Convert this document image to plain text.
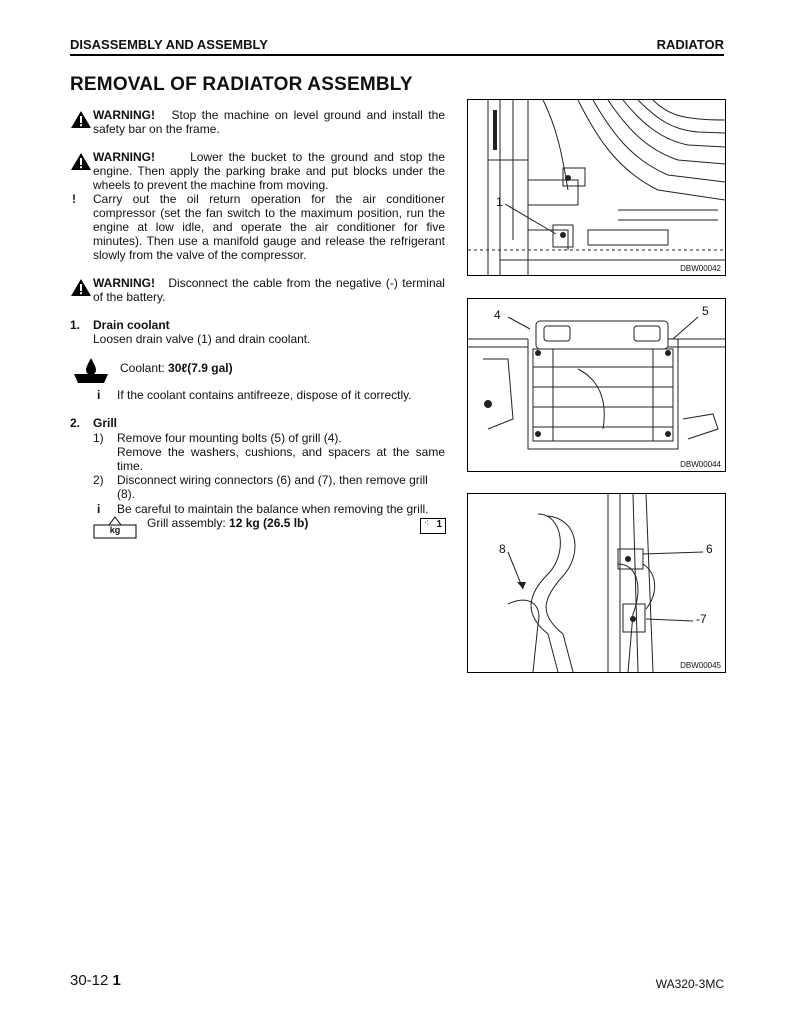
DISASSEMBLY AND ASSEMBLY	RADIATOR
REMOVAL OF RADIATOR ASSEMBLY
WARNING! Stop the machine on level ground and install the safety bar on the frame.
WARNING!	Lower the bucket to the ground and stop the engine. Then apply the parking brake and put blocks under the wheels to prevent the machine from moving.
!	Carry out the oil return operation for the air conditioner compressor (set the fan switch to the maximum position, run the engine at low idle, and operate the air conditioner for five minutes). Then use a manifold gauge and release the refrigerant slowly from the valve of the compressor.
WARNING! Disconnect the cable from the negative (-) terminal of the battery.
1. Drain coolant
Loosen drain valve (1) and drain coolant.
Coolant: 30ℓ(7.9 gal)
i If the coolant contains antifreeze, dispose of it correctly.
2. Grill
1) Remove four mounting bolts (5) of grill (4).
Remove the washers, cushions, and spacers at the same time.
2) Disconnect wiring connectors (6) and (7), then remove grill (8).
i Be careful to maintain the balance when removing the grill.
kg	Grill assembly: 12 kg (26.5 lb)	⁖ 1
1
DBW00042
4	5
DBW00044
8	6
-7
DBW00045
30-12 1	WA320-3MC
